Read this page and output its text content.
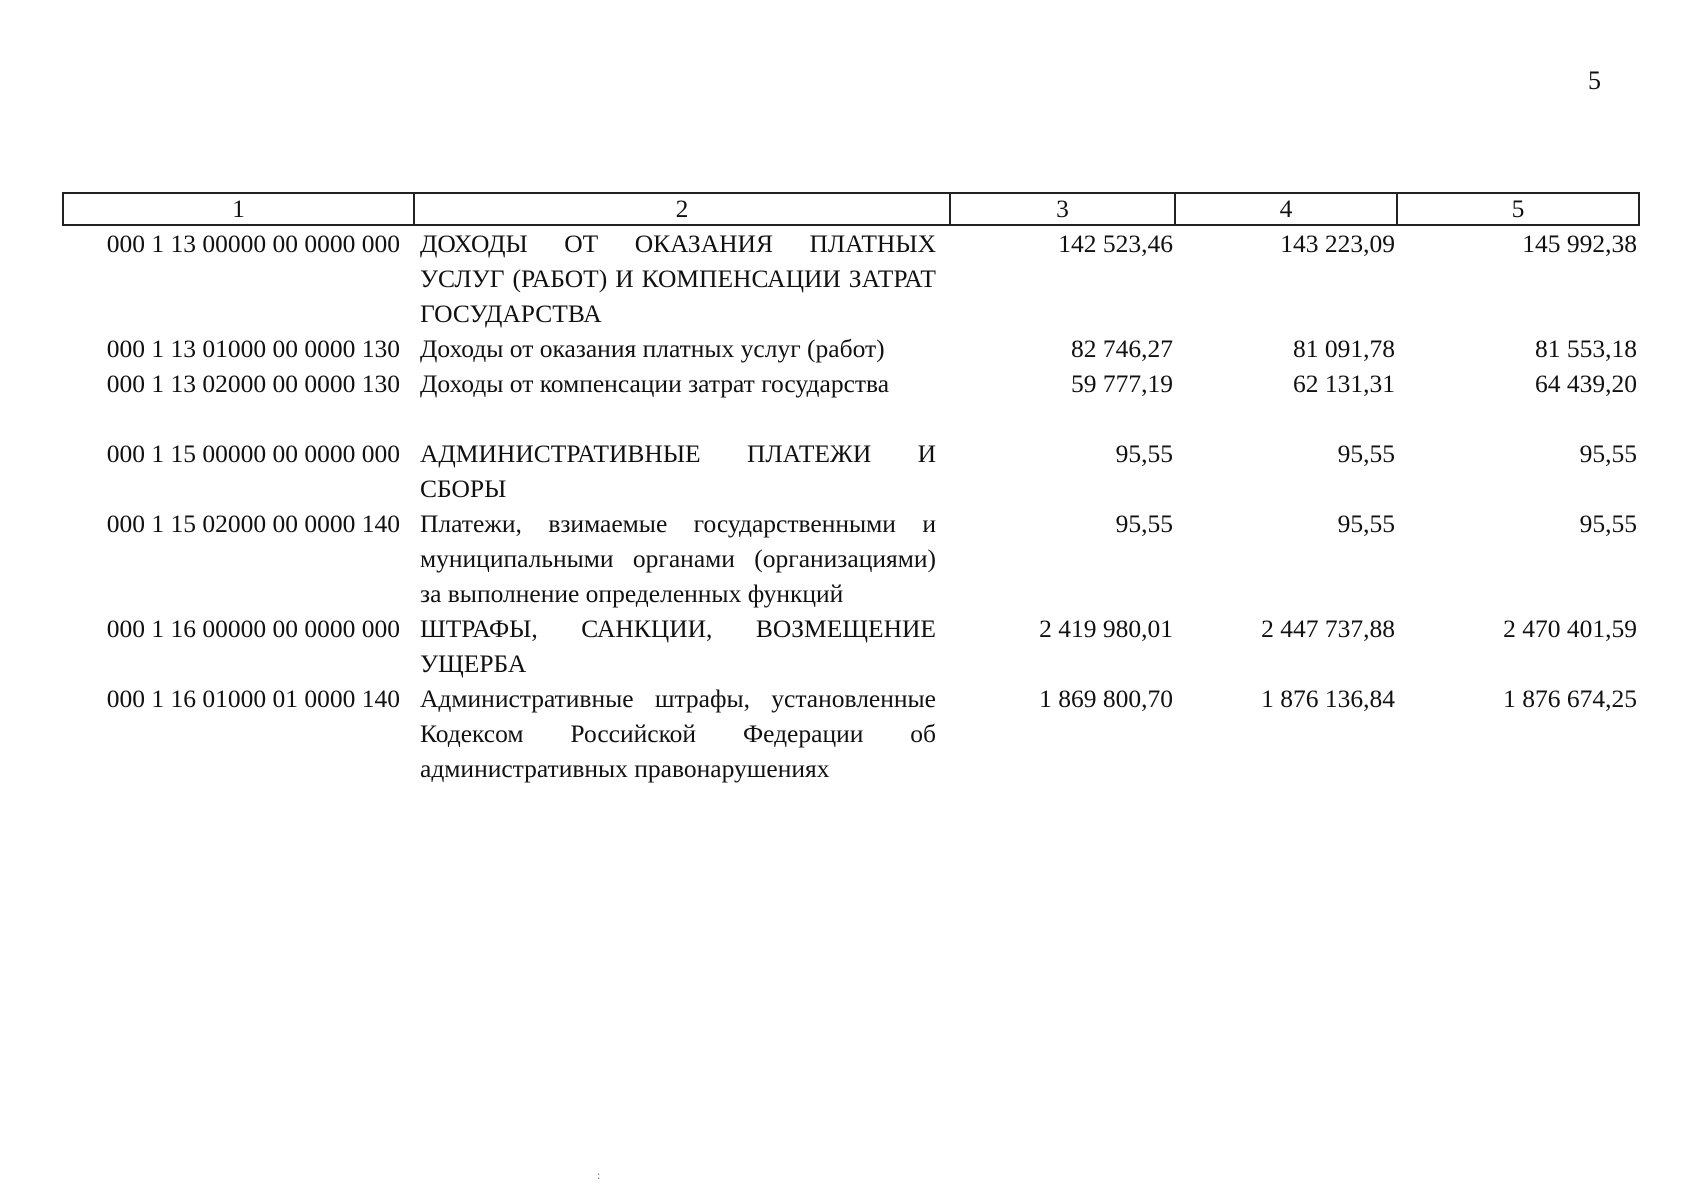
5
1	2	3	4	5
000 1 13 00000 00 0000 000	ДОХОДЫ ОТ ОКАЗАНИЯ ПЛАТНЫХ УСЛУГ (РАБОТ) И КОМПЕНСАЦИИ ЗАТРАТ ГОСУДАРСТВА	142 523,46	143 223,09	145 992,38
000 1 13 01000 00 0000 130	Доходы от оказания платных услуг (работ)	82 746,27	81 091,78	81 553,18
000 1 13 02000 00 0000 130	Доходы от компенсации затрат государства	59 777,19	62 131,31	64 439,20
000 1 15 00000 00 0000 000	АДМИНИСТРАТИВНЫЕ ПЛАТЕЖИ И СБОРЫ	95,55	95,55	95,55
000 1 15 02000 00 0000 140	Платежи, взимаемые государственными и муниципальными органами (организациями) за выполнение определенных функций	95,55	95,55	95,55
000 1 16 00000 00 0000 000	ШТРАФЫ, САНКЦИИ, ВОЗМЕЩЕНИЕ УЩЕРБА	2 419 980,01	2 447 737,88	2 470 401,59
000 1 16 01000 01 0000 140	Административные штрафы, установленные Кодексом Российской Федерации об административных правонарушениях	1 869 800,70	1 876 136,84	1 876 674,25
:
